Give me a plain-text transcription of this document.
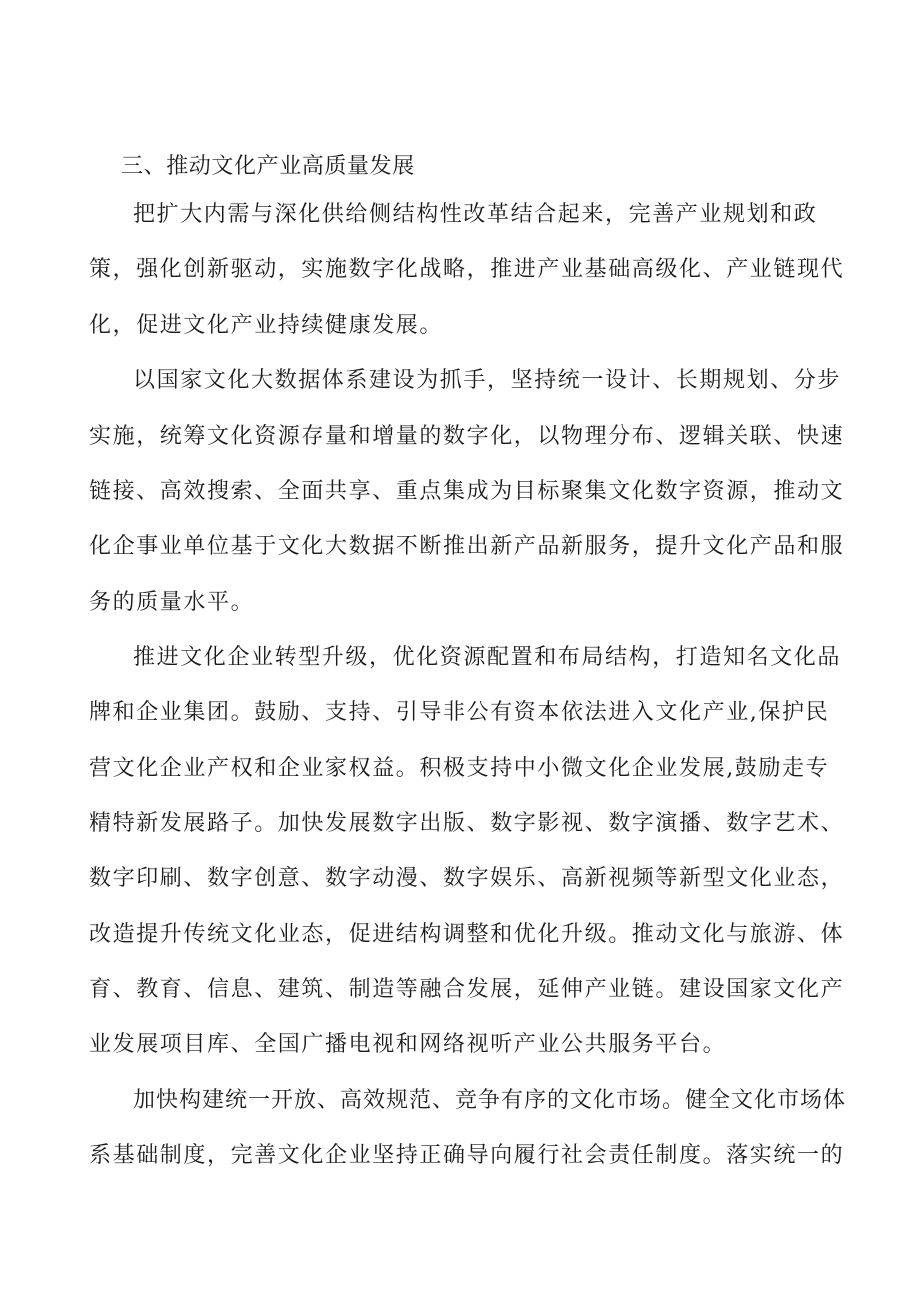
三、推动文化产业高质量发展
把扩大内需与深化供给侧结构性改革结合起来，完善产业规划和政
策，强化创新驱动，实施数字化战略，推进产业基础高级化、产业链现代
化，促进文化产业持续健康发展。
以国家文化大数据体系建设为抓手，坚持统一设计、长期规划、分步
实施，统筹文化资源存量和增量的数字化，以物理分布、逻辑关联、快速
链接、高效搜索、全面共享、重点集成为目标聚集文化数字资源，推动文
化企事业单位基于文化大数据不断推出新产品新服务，提升文化产品和服
务的质量水平。
推进文化企业转型升级，优化资源配置和布局结构，打造知名文化品
牌和企业集团。鼓励、支持、引导非公有资本依法进入文化产业,保护民
营文化企业产权和企业家权益。积极支持中小微文化企业发展,鼓励走专
精特新发展路子。加快发展数字出版、数字影视、数字演播、数字艺术、
数字印刷、数字创意、数字动漫、数字娱乐、高新视频等新型文化业态，
改造提升传统文化业态，促进结构调整和优化升级。推动文化与旅游、体
育、教育、信息、建筑、制造等融合发展，延伸产业链。建设国家文化产
业发展项目库、全国广播电视和网络视听产业公共服务平台。
加快构建统一开放、高效规范、竞争有序的文化市场。健全文化市场体
系基础制度，完善文化企业坚持正确导向履行社会责任制度。落实统一的
